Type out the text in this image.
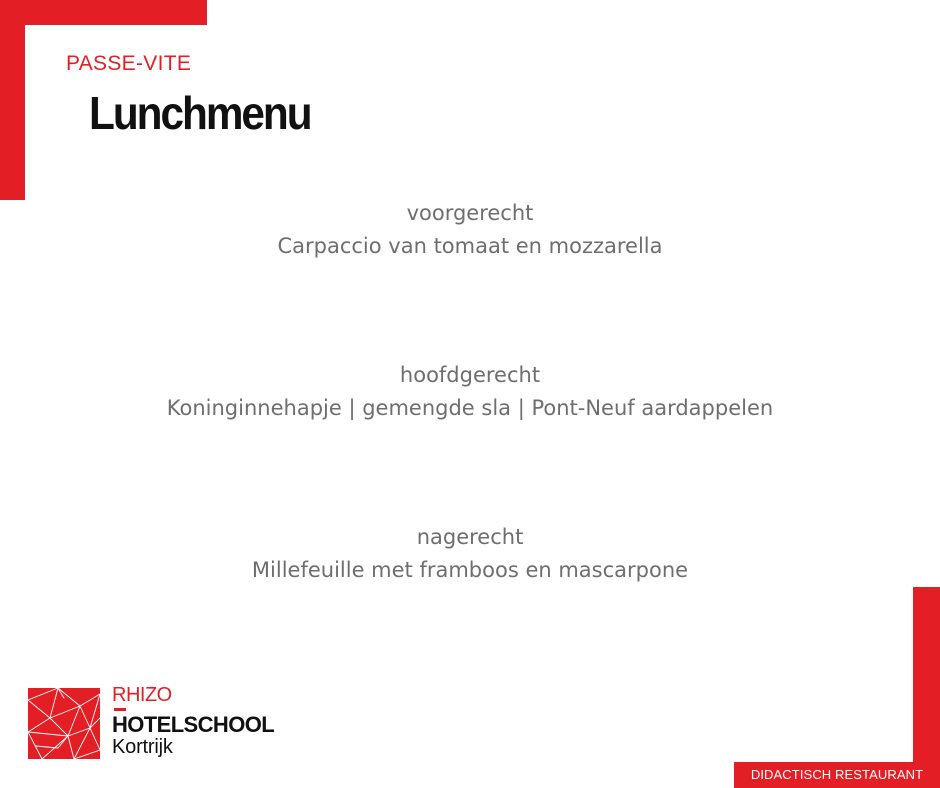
PASSE-VITE
Lunchmenu
voorgerecht
Carpaccio van tomaat en mozzarella
hoofdgerecht
Koninginnehapje | gemengde sla | Pont-Neuf aardappelen
nagerecht
Millefeuille met framboos en mascarpone
RHIZO
HOTELSCHOOL
Kortrijk
DIDACTISCH RESTAURANT
